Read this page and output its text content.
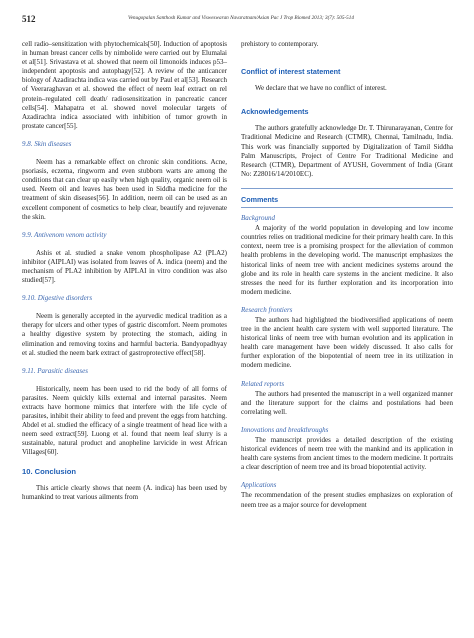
512	Venugopalan Santhosh Kumar and Visweswaran Navaratnam/Asian Pac J Trop Biomed 2013; 3(7): 505-514

cell radio–sensitization with phytochemicals[50]. Induction of apoptosis in human breast cancer cells by nimbolide were carried out by Elumalai et al[51]. Srivastava et al. showed that neem oil limonoids induces p53–independent apoptosis and autophagy[52]. A review of the anticancer biology of Azadirachta indica was carried out by Paul et al[53]. Research of Veeraraghavan et al. showed the effect of neem leaf extract on rel protein–regulated cell death/ radiosensitization in pancreatic cancer cells[54]. Mahapatra et al. showed novel molecular targets of Azadirachta indica associated with inhibition of tumor growth in prostate cancer[55].

9.8. Skin diseases

Neem has a remarkable effect on chronic skin conditions. Acne, psoriasis, eczema, ringworm and even stubborn warts are among the conditions that can clear up easily when high quality, organic neem oil is used. Neem oil and leaves has been used in Siddha medicine for the treatment of skin diseases[56]. In addition, neem oil can be used as an excellent component of cosmetics to help clear, beautify and rejuvenate the skin.

9.9. Antivenom venom activity

Ashis et al. studied a snake venom phospholipase A2 (PLA2) inhibitor (AIPLAI) was isolated from leaves of A. indica (neem) and the mechanism of PLA2 inhibition by AIPLAI in vitro condition was also studied[57].

9.10. Digestive disorders

Neem is generally accepted in the ayurvedic medical tradition as a therapy for ulcers and other types of gastric discomfort. Neem promotes a healthy digestive system by protecting the stomach, aiding in elimination and removing toxins and harmful bacteria. Bandyopadhyay et al. studied the neem bark extract of gastroprotective effect[58].

9.11. Parasitic diseases

Historically, neem has been used to rid the body of all forms of parasites. Neem quickly kills external and internal parasites. Neem extracts have hormone mimics that interfere with the life cycle of parasites, inhibit their ability to feed and prevent the eggs from hatching. Abdel et al. studied the efficacy of a single treatment of head lice with a neem seed extract[59]. Luong et al. found that neem leaf slurry is a sustainable, natural product and anopheline larvicide in west African Villages[60].

10. Conclusion

This article clearly shows that neem (A. indica) has been used by humankind to treat various ailments from

prehistory to contemporary.

Conflict of interest statement

We declare that we have no conflict of interest.

Acknowledgements

The authors gratefully acknowledge Dr. T. Thirunarayanan, Centre for Traditional Medicine and Research (CTMR), Chennai, Tamilnadu, India. This work was financially supported by Digitalization of Tamil Siddha Palm Manuscripts, Project of Centre For Traditional Medicine and Research (CTMR), Department of AYUSH, Government of India (Grant No: Z28016/14/2010EC).

Comments
Background

A majority of the world population in developing and low income countries relies on traditional medicine for their primary health care. In this context, neem tree is a promising prospect for the alleviation of common health problems in the developing world. The manuscript emphasizes the historical links of neem tree with ancient medicines systems around the globe and its role in health care systems in the ancient medicine. It also stresses the need for its further exploration and its incorporation into modern medicine.

Research frontiers

The authors had highlighted the biodiversified applications of neem tree in the ancient health care system with well supported literature. The historical links of neem tree with human evolution and its application in health care management have been widely discussed. It also calls for further exploration of the biopotential of neem tree in its utilization in modern medicine.

Related reports

The authors had presented the manuscript in a well organized manner and the literature support for the claims and postulations had been correlating well.

Innovations and breakthroughs

The manuscript provides a detailed description of the existing historical evidences of neem tree with the mankind and its application in health care systems from ancient times to the modern medicine. It portraits a clear description of neem tree and its broad biopotential activity.

Applications

The recommendation of the present studies emphasizes on exploration of neem tree as a major source for development
